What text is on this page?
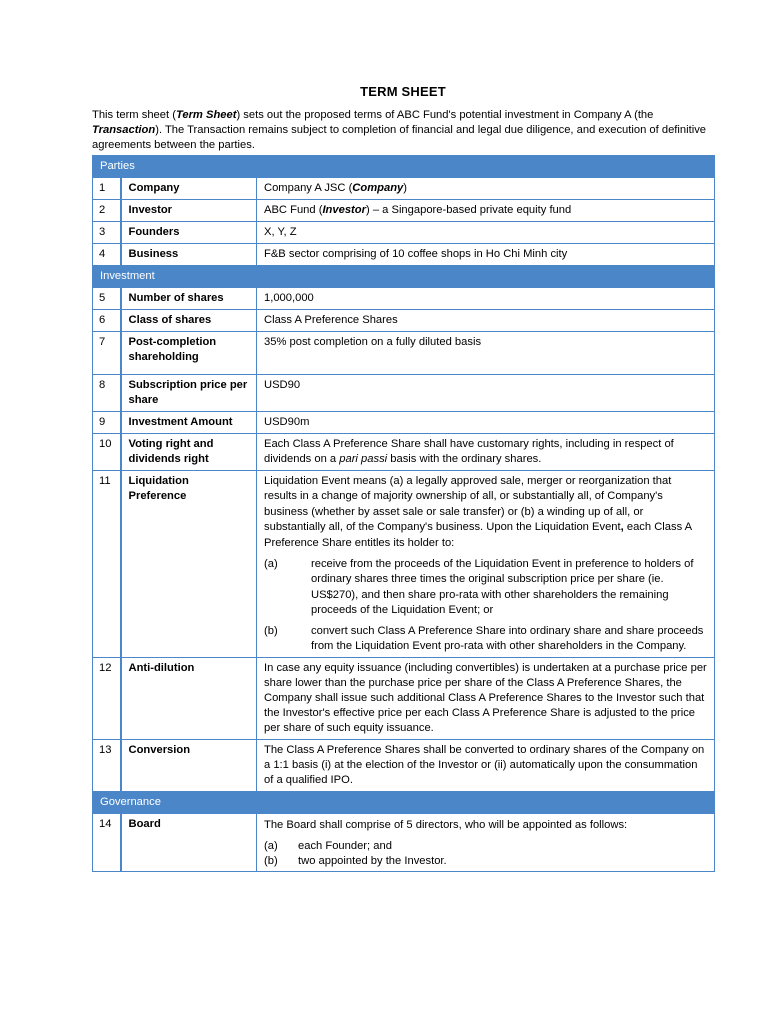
TERM SHEET

This term sheet (Term Sheet) sets out the proposed terms of ABC Fund's potential investment in Company A (the Transaction). The Transaction remains subject to completion of financial and legal due diligence, and execution of definitive agreements between the parties.

Parties		
1	Company	Company A JSC (Company)
2	Investor	ABC Fund (Investor) – a Singapore-based private equity fund
3	Founders	X, Y, Z
4	Business	F&B sector comprising of 10 coffee shops in Ho Chi Minh city
Investment		
5	Number of shares	1,000,000
6	Class of shares	Class A Preference Shares
7	Post-completion shareholding	35% post completion on a fully diluted basis
8	Subscription price per share	USD90
9	Investment Amount	USD90m
10	Voting right and dividends right	Each Class A Preference Share shall have customary rights, including in respect of dividends on a pari passi basis with the ordinary shares.
11	Liquidation Preference	Liquidation Event means (a) a legally approved sale, merger or reorganization that results in a change of majority ownership of all, or substantially all, of Company's business (whether by asset sale or sale transfer) or (b) a winding up of all, or substantially all, of the Company's business. Upon the Liquidation Event, each Class A Preference Share entitles its holder to:

(a) receive from the proceeds of the Liquidation Event in preference to holders of ordinary shares three times the original subscription price per share (ie. US$270), and then share pro-rata with other shareholders the remaining proceeds of the Liquidation Event; or
(b) convert such Class A Preference Share into ordinary share and share proceeds from the Liquidation Event pro-rata with other shareholders in the Company.

12	Anti-dilution	In case any equity issuance (including convertibles) is undertaken at a purchase price per share lower than the purchase price per share of the Class A Preference Shares, the Company shall issue such additional Class A Preference Shares to the Investor such that the Investor's effective price per each Class A Preference Share is adjusted to the price per share of such equity issuance.
13	Conversion	The Class A Preference Shares shall be converted to ordinary shares of the Company on a 1:1 basis (i) at the election of the Investor or (ii) automatically upon the consummation of a qualified IPO.
Governance		
14	Board	The Board shall comprise of 5 directors, who will be appointed as follows:

(a) each Founder; and
(b) two appointed by the Investor.
